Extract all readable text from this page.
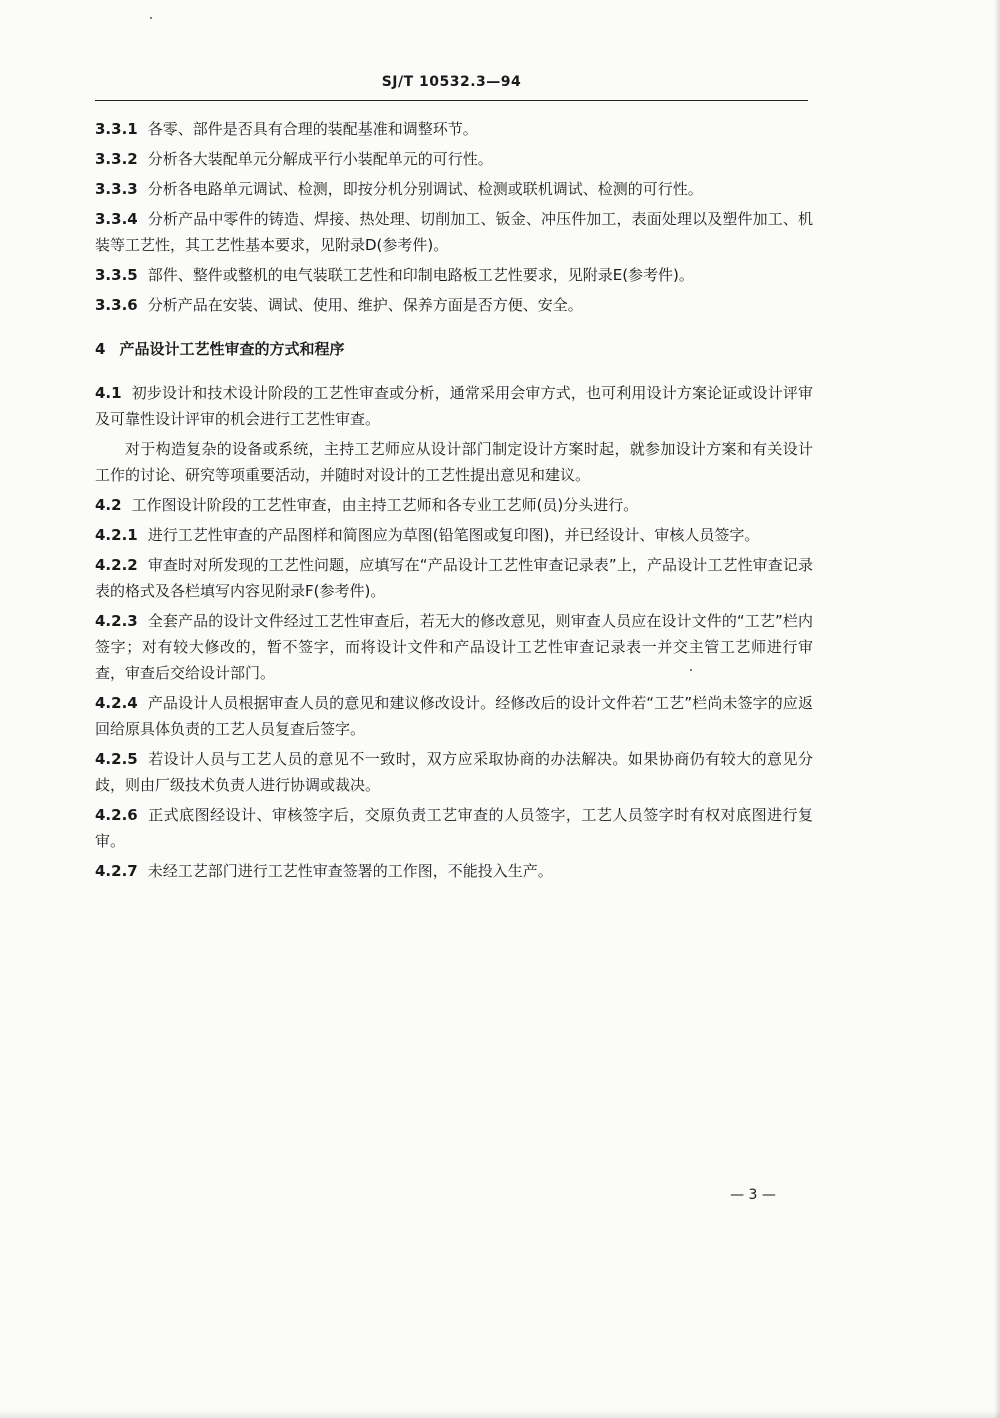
SJ/T 10532.3—94

3.3.1 各零、部件是否具有合理的装配基准和调整环节。

3.3.2 分析各大装配单元分解成平行小装配单元的可行性。

3.3.3 分析各电路单元调试、检测，即按分机分别调试、检测或联机调试、检测的可行性。

3.3.4 分析产品中零件的铸造、焊接、热处理、切削加工、钣金、冲压件加工，表面处理以及塑件加工、机装等工艺性，其工艺性基本要求，见附录D(参考件)。

3.3.5 部件、整件或整机的电气装联工艺性和印制电路板工艺性要求，见附录E(参考件)。

3.3.6 分析产品在安装、调试、使用、维护、保养方面是否方便、安全。

4 产品设计工艺性审查的方式和程序

4.1 初步设计和技术设计阶段的工艺性审查或分析，通常采用会审方式，也可利用设计方案论证或设计评审及可靠性设计评审的机会进行工艺性审查。

对于构造复杂的设备或系统，主持工艺师应从设计部门制定设计方案时起，就参加设计方案和有关设计工作的讨论、研究等项重要活动，并随时对设计的工艺性提出意见和建议。

4.2 工作图设计阶段的工艺性审查，由主持工艺师和各专业工艺师(员)分头进行。

4.2.1 进行工艺性审查的产品图样和简图应为草图(铅笔图或复印图)，并已经设计、审核人员签字。

4.2.2 审查时对所发现的工艺性问题，应填写在“产品设计工艺性审查记录表”上，产品设计工艺性审查记录表的格式及各栏填写内容见附录F(参考件)。

4.2.3 全套产品的设计文件经过工艺性审查后，若无大的修改意见，则审查人员应在设计文件的“工艺”栏内签字；对有较大修改的，暂不签字，而将设计文件和产品设计工艺性审查记录表一并交主管工艺师进行审查，审查后交给设计部门。

4.2.4 产品设计人员根据审查人员的意见和建议修改设计。经修改后的设计文件若“工艺”栏尚未签字的应返回给原具体负责的工艺人员复查后签字。

4.2.5 若设计人员与工艺人员的意见不一致时，双方应采取协商的办法解决。如果协商仍有较大的意见分歧，则由厂级技术负责人进行协调或裁决。

4.2.6 正式底图经设计、审核签字后，交原负责工艺审查的人员签字，工艺人员签字时有权对底图进行复审。

4.2.7 未经工艺部门进行工艺性审查签署的工作图，不能投入生产。

— 3 —
